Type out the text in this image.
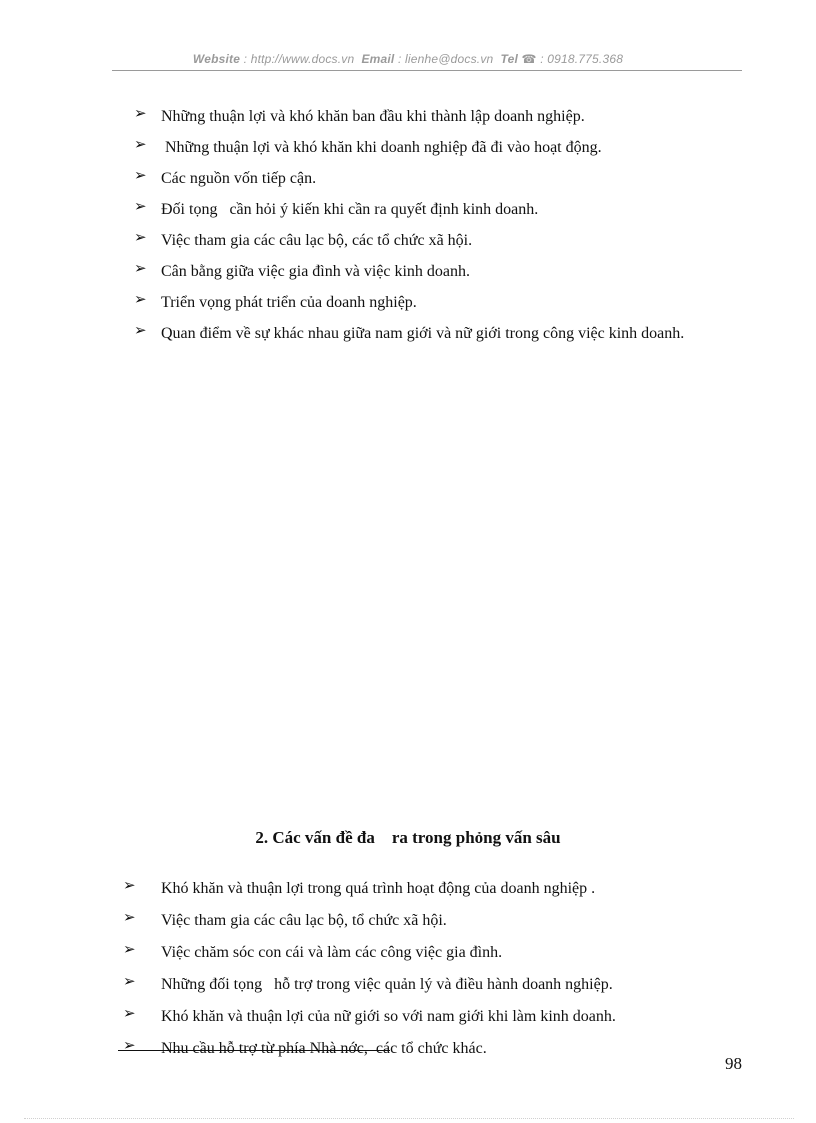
Website : http://www.docs.vn Email : lienhe@docs.vn Tel ☎ : 0918.775.368
➢ Những thuận lợi và khó khăn ban đầu khi thành lập doanh nghiệp.
➢ Những thuận lợi và khó khăn khi doanh nghiệp đã đi vào hoạt động.
➢ Các nguồn vốn tiếp cận.
➢ Đối tọng   cần hỏi ý kiến khi cần ra quyết định kinh doanh.
➢ Việc tham gia các câu lạc bộ, các tổ chức xã hội.
➢ Cân bằng giữa việc gia đình và việc kinh doanh.
➢ Triển vọng phát triển của doanh nghiệp.
➢ Quan điểm về sự khác nhau giữa nam giới và nữ giới trong công việc kinh doanh.
2. Các vấn đề đa    ra trong phỏng vấn sâu
➢ Khó khăn và thuận lợi trong quá trình hoạt động của doanh nghiệp .
➢ Việc tham gia các câu lạc bộ, tổ chức xã hội.
➢ Việc chăm sóc con cái và làm các công việc gia đình.
➢ Những đối tọng   hỗ trợ trong việc quản lý và điều hành doanh nghiệp.
➢ Khó khăn và thuận lợi của nữ giới so với nam giới khi làm kinh doanh.
➢ Nhu cầu hỗ trợ từ phía Nhà nớc,  các tổ chức khác.
98
